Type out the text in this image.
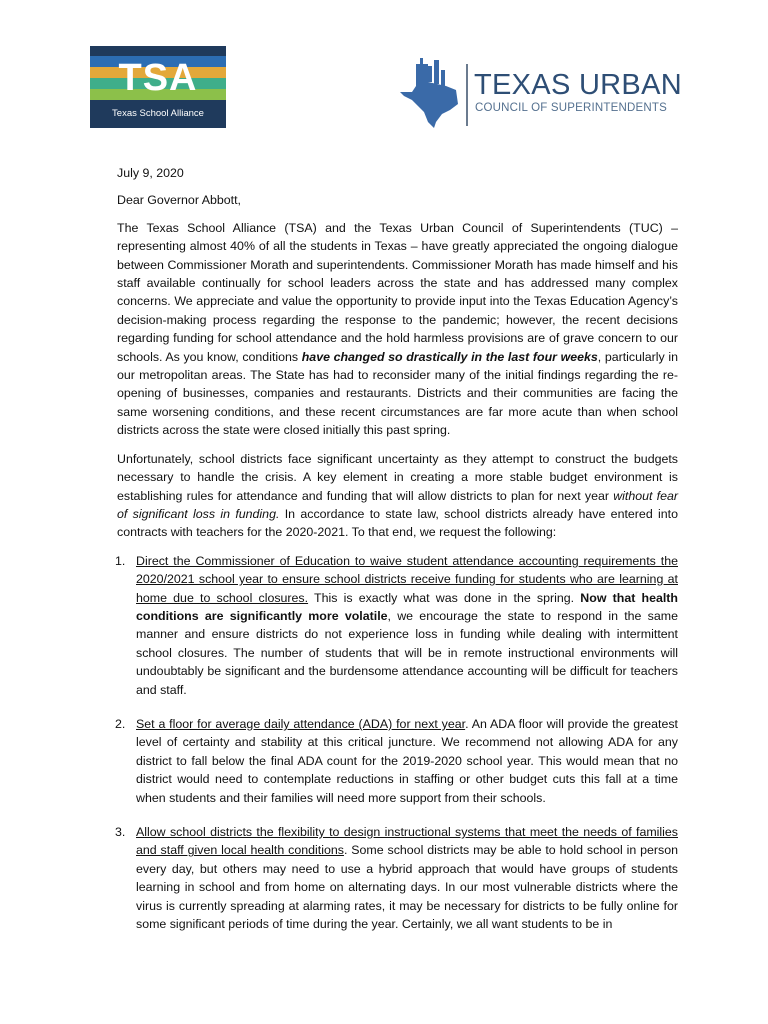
TSA
Texas School Alliance
TEXAS URBAN
COUNCIL OF SUPERINTENDENTS

July 9, 2020

Dear Governor Abbott,

The Texas School Alliance (TSA) and the Texas Urban Council of Superintendents (TUC) – representing almost 40% of all the students in Texas – have greatly appreciated the ongoing dialogue between Commissioner Morath and superintendents. Commissioner Morath has made himself and his staff available continually for school leaders across the state and has addressed many complex concerns. We appreciate and value the opportunity to provide input into the Texas Education Agency’s decision-making process regarding the response to the pandemic; however, the recent decisions regarding funding for school attendance and the hold harmless provisions are of grave concern to our schools. As you know, conditions have changed so drastically in the last four weeks, particularly in our metropolitan areas. The State has had to reconsider many of the initial findings regarding the re-opening of businesses, companies and restaurants. Districts and their communities are facing the same worsening conditions, and these recent circumstances are far more acute than when school districts across the state were closed initially this past spring.

Unfortunately, school districts face significant uncertainty as they attempt to construct the budgets necessary to handle the crisis. A key element in creating a more stable budget environment is establishing rules for attendance and funding that will allow districts to plan for next year without fear of significant loss in funding. In accordance to state law, school districts already have entered into contracts with teachers for the 2020-2021. To that end, we request the following:

1. Direct the Commissioner of Education to waive student attendance accounting requirements the 2020/2021 school year to ensure school districts receive funding for students who are learning at home due to school closures. This is exactly what was done in the spring. Now that health conditions are significantly more volatile, we encourage the state to respond in the same manner and ensure districts do not experience loss in funding while dealing with intermittent school closures. The number of students that will be in remote instructional environments will undoubtably be significant and the burdensome attendance accounting will be difficult for teachers and staff.
2. Set a floor for average daily attendance (ADA) for next year. An ADA floor will provide the greatest level of certainty and stability at this critical juncture. We recommend not allowing ADA for any district to fall below the final ADA count for the 2019-2020 school year. This would mean that no district would need to contemplate reductions in staffing or other budget cuts this fall at a time when students and their families will need more support from their schools.
3. Allow school districts the flexibility to design instructional systems that meet the needs of families and staff given local health conditions. Some school districts may be able to hold school in person every day, but others may need to use a hybrid approach that would have groups of students learning in school and from home on alternating days. In our most vulnerable districts where the virus is currently spreading at alarming rates, it may be necessary for districts to be fully online for some significant periods of time during the year. Certainly, we all want students to be in
